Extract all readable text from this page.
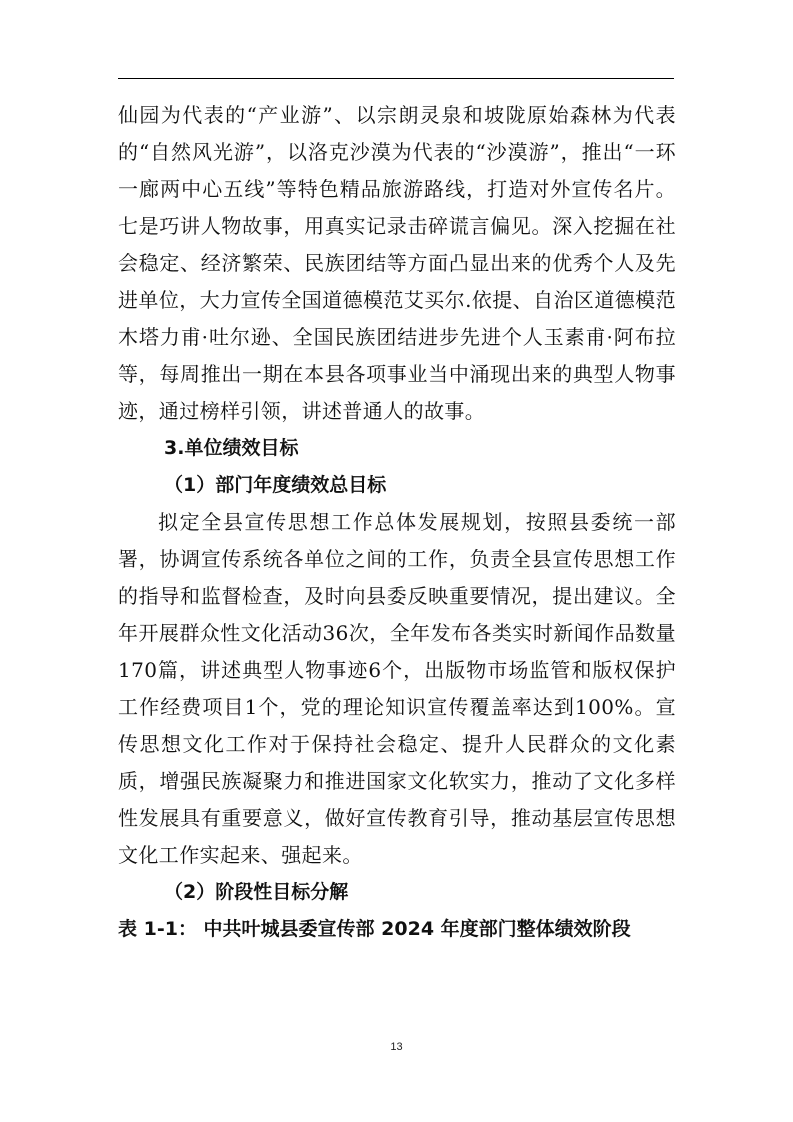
仙园为代表的“产业游”、以宗朗灵泉和坡陇原始森林为代表的“自然风光游”，以洛克沙漠为代表的“沙漠游”，推出“一环一廊两中心五线”等特色精品旅游路线，打造对外宣传名片。七是巧讲人物故事，用真实记录击碎谎言偏见。深入挖掘在社会稳定、经济繁荣、民族团结等方面凸显出来的优秀个人及先进单位，大力宣传全国道德模范艾买尔.依提、自治区道德模范木塔力甫·吐尔逊、全国民族团结进步先进个人玉素甫·阿布拉等，每周推出一期在本县各项事业当中涌现出来的典型人物事迹，通过榜样引领，讲述普通人的故事。

3.单位绩效目标

（1）部门年度绩效总目标

拟定全县宣传思想工作总体发展规划，按照县委统一部署，协调宣传系统各单位之间的工作，负责全县宣传思想工作的指导和监督检查，及时向县委反映重要情况，提出建议。全年开展群众性文化活动36次，全年发布各类实时新闻作品数量170篇，讲述典型人物事迹6个，出版物市场监管和版权保护工作经费项目1个，党的理论知识宣传覆盖率达到100%。宣传思想文化工作对于保持社会稳定、提升人民群众的文化素质，增强民族凝聚力和推进国家文化软实力，推动了文化多样性发展具有重要意义，做好宣传教育引导，推动基层宣传思想文化工作实起来、强起来。

（2）阶段性目标分解

表 1-1： 中共叶城县委宣传部 2024 年度部门整体绩效阶段

13
